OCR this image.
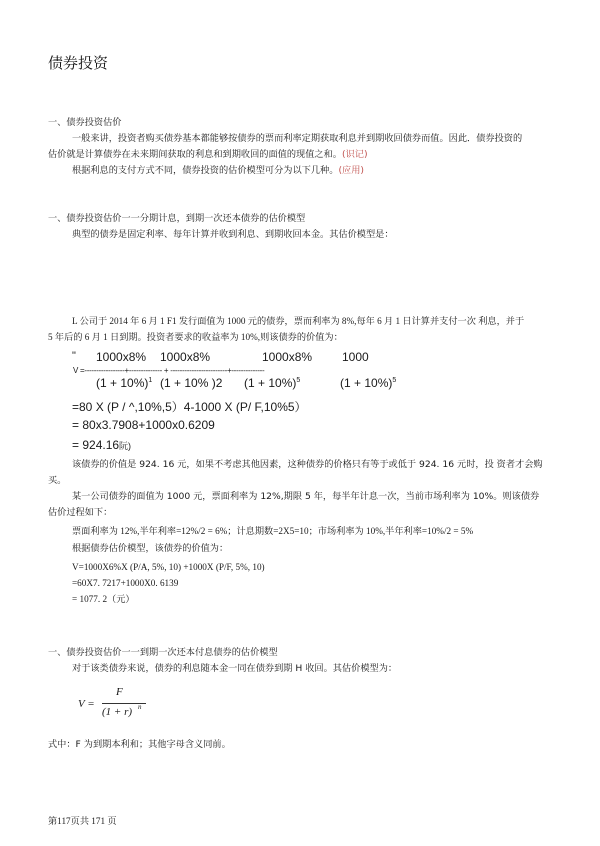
债券投资
一、债券投资估价
一般来讲，投资者购买债券基本都能够按债券的票而利率定期获取利息并到期收回债券而值。因此．债券投资的
估价就是计算债券在未来期间获取的利息和到期收回的面值的现值之和。(识记)
根据利息的支付方式不同，债券投资的估价模型可分为以下几种。(应用)
一、债券投资估价一一分期计息，到期一次还本债券的估价模型
典型的债券是固定利率、每年计算并收到利息、到期收回本金。其估价模型是：
L 公司于 2014 年 6 月 1 F1 发行面值为 1000 元的债券，票而利率为 8%,每年 6 月 1 日计算并支付一次 利息，并于
5 年后的 6 月 1 日到期。投资者要求的收益率为 10%,则该债券的价值为：
" 1000x8% 1000x8%	1000x8% 1000
V =-----------------+-------------- + ------------------------+--------------
$(1 + 10\%)^1$ (1 + 10% )2 $(1 + 10\%)^5$	$(1 + 10\%)^5$
=80 X (P / ^,10%,5）4-1000 X (P/ F,10%5）
= 80x3.7908+1000x0.6209
= 924.16阮)
该债券的价值是 924. 16 元，如果不考虑其他因素，这种债券的价格只有等于或低于 924. 16 元时，投 资者才会购
买。
某一公司债券的面值为 1000 元，票面利率为 12%,期限 5 年，每半年计息一次，当前市场利率为 10%。则该债券
估价过程如下：
票面利率为 12%,半年利率=12%/2 = 6%；计息期数=2X5=10；市场利率为 10%,半年利率=10%/2 = 5%
根据债券估价模型，该债券的价值为：
V=1000X6%X (P/A, 5%, 10) +1000X (P/F, 5%, 10)
=60X7. 7217+1000X0. 6139
= 1077. 2（元）
一、债券投资估价一一到期一次还本付息债券的估价模型
对于该类债券来说，债券的利息随本金一同在债券到期 H 收回。其估价模型为：
V =
F
(1 + r) n
式中：F 为到期本利和；其他字母含义同前。
第117页共 171 页
